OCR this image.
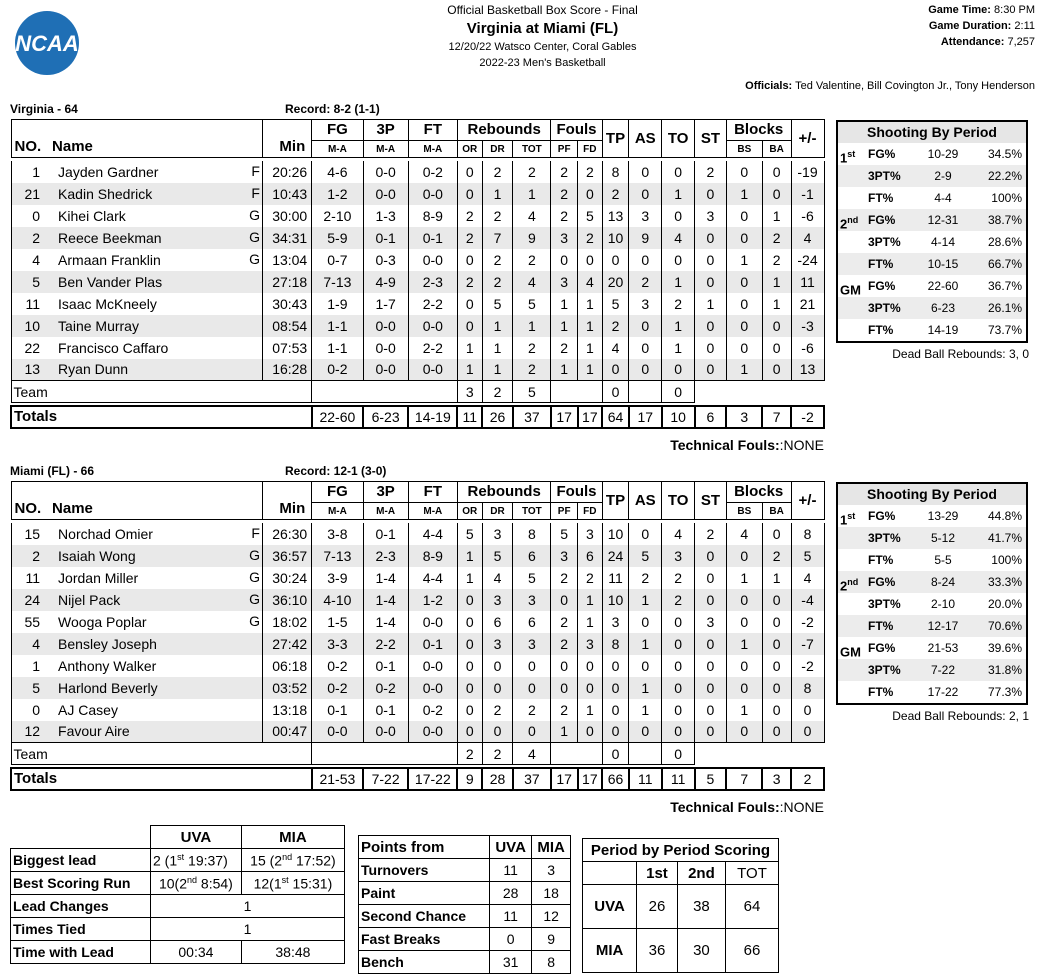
NCAA
Official Basketball Box Score - Final
Virginia at Miami (FL)
12/20/22 Watsco Center, Coral Gables
2022-23 Men's Basketball
Game Time: 8:30 PM
Game Duration: 2:11
Attendance: 7,257
Officials: Ted Valentine, Bill Covington Jr., Tony Henderson
Virginia - 64	Record: 8-2 (1-1)
NO.	Name	Min	FG	3P	FT	Rebounds			Fouls		TP	AS	TO	ST	Blocks		+/-
			M-A	M-A	M-A	OR	DR	TOT	PF	FD					BS	BA	

1	Jayden Gardner F	20:26	4-6	0-0	0-2	0	2	2	2	2	8	0	0	2	0	0	-19
21	Kadin Shedrick F	10:43	1-2	0-0	0-0	0	1	1	2	0	2	0	1	0	1	0	-1
0	Kihei Clark G	30:00	2-10	1-3	8-9	2	2	4	2	5	13	3	0	3	0	1	-6
2	Reece Beekman G	34:31	5-9	0-1	0-1	2	7	9	3	2	10	9	4	0	0	2	4
4	Armaan Franklin G	13:04	0-7	0-3	0-0	0	2	2	0	0	0	0	0	0	1	2	-24
5	Ben Vander Plas	27:18	7-13	4-9	2-3	2	2	4	3	4	20	2	1	0	0	1	11
11	Isaac McKneely	30:43	1-9	1-7	2-2	0	5	5	1	1	5	3	2	1	0	1	21
10	Taine Murray	08:54	1-1	0-0	0-0	0	1	1	1	1	2	0	1	0	0	0	-3
22	Francisco Caffaro	07:53	1-1	0-0	2-2	1	1	2	2	1	4	0	1	0	0	0	-6
13	Ryan Dunn	16:28	0-2	0-0	0-0	1	1	2	1	1	0	0	0	0	1	0	13
Team						3	2	5			0		0				

Totals			22-60	6-23	14-19	11	26	37	17	17	64	17	10	6	3	7	-2
Technical Fouls::NONE
Shooting By Period
1st FG%	10-29	34.5%
3PT%	2-9	22.2%
FT%	4-4	100%
2nd FG%	12-31	38.7%
3PT%	4-14	28.6%
FT%	10-15	66.7%
GM FG%	22-60	36.7%
3PT%	6-23	26.1%
FT%	14-19	73.7%
Dead Ball Rebounds: 3, 0
Miami (FL) - 66	Record: 12-1 (3-0)
NO.	Name	Min	FG	3P	FT	Rebounds			Fouls		TP	AS	TO	ST	Blocks		+/-
			M-A	M-A	M-A	OR	DR	TOT	PF	FD					BS	BA	

15	Norchad Omier F	26:30	3-8	0-1	4-4	5	3	8	5	3	10	0	4	2	4	0	8
2	Isaiah Wong G	36:57	7-13	2-3	8-9	1	5	6	3	6	24	5	3	0	0	2	5
11	Jordan Miller G	30:24	3-9	1-4	4-4	1	4	5	2	2	11	2	2	0	1	1	4
24	Nijel Pack G	36:10	4-10	1-4	1-2	0	3	3	0	1	10	1	2	0	0	0	-4
55	Wooga Poplar G	18:02	1-5	1-4	0-0	0	6	6	2	1	3	0	0	3	0	0	-2
4	Bensley Joseph	27:42	3-3	2-2	0-1	0	3	3	2	3	8	1	0	0	1	0	-7
1	Anthony Walker	06:18	0-2	0-1	0-0	0	0	0	0	0	0	0	0	0	0	0	-2
5	Harlond Beverly	03:52	0-2	0-2	0-0	0	0	0	0	0	0	1	0	0	0	0	8
0	AJ Casey	13:18	0-1	0-1	0-2	0	2	2	2	1	0	1	0	0	1	0	0
12	Favour Aire	00:47	0-0	0-0	0-0	0	0	0	1	0	0	0	0	0	0	0	0
Team						2	2	4			0		0				

Totals			21-53	7-22	17-22	9	28	37	17	17	66	11	11	5	7	3	2
Technical Fouls::NONE
Shooting By Period
1st FG%	13-29	44.8%
3PT%	5-12	41.7%
FT%	5-5	100%
2nd FG%	8-24	33.3%
3PT%	2-10	20.0%
FT%	12-17	70.6%
GM FG%	21-53	39.6%
3PT%	7-22	31.8%
FT%	17-22	77.3%
Dead Ball Rebounds: 2, 1
	UVA	MIA
Biggest lead	2 (1st 19:37)	15 (2nd 17:52)
Best Scoring Run	10(2nd 8:54)	12(1st 15:31)
Lead Changes	1	
Times Tied	1	
Time with Lead	00:34	38:48
Points from	UVA	MIA
Turnovers	11	3
Paint	28	18
Second Chance	11	12
Fast Breaks	0	9
Bench	31	8
Period by Period Scoring			
	1st	2nd	TOT
UVA	26	38	64
MIA	36	30	66
